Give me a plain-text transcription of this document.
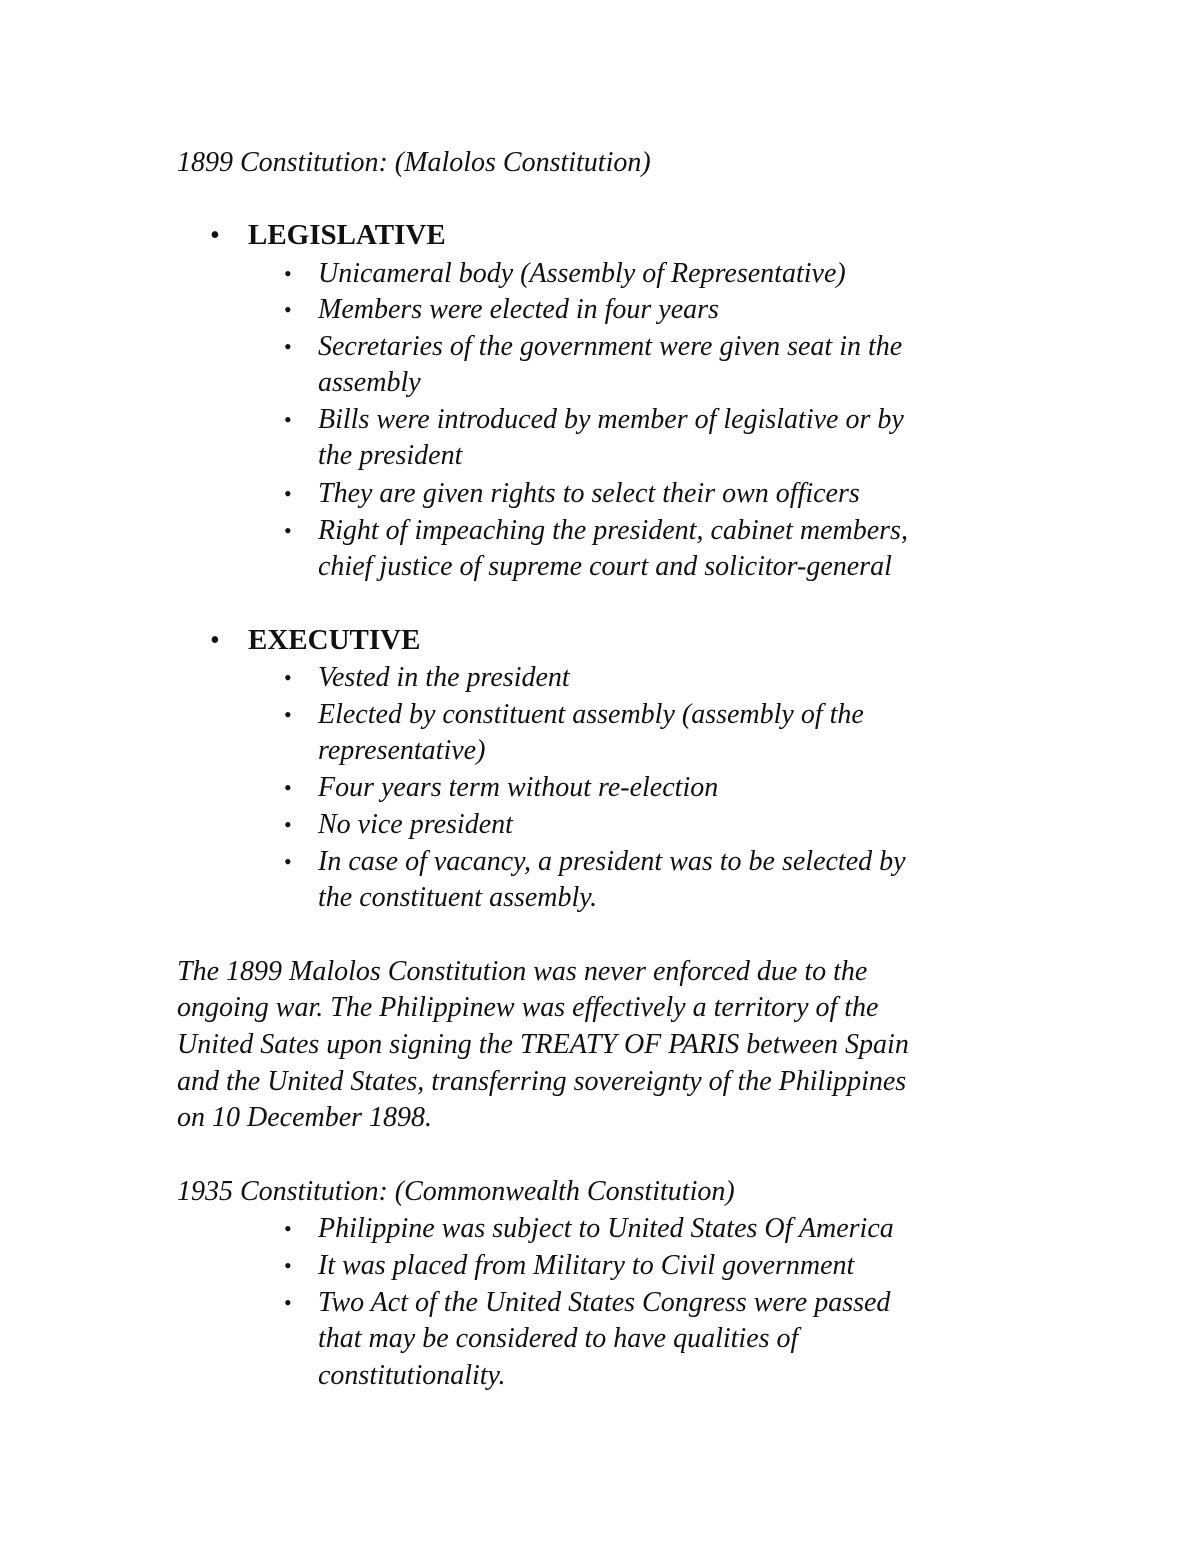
1899 Constitution: (Malolos Constitution)
• LEGISLATIVE
• Unicameral body (Assembly of Representative)
• Members were elected in four years
• Secretaries of the government were given seat in the
assembly
• Bills were introduced by member of legislative or by
the president
• They are given rights to select their own officers
• Right of impeaching the president, cabinet members,
chief justice of supreme court and solicitor-general
• EXECUTIVE
• Vested in the president
• Elected by constituent assembly (assembly of the
representative)
• Four years term without re-election
• No vice president
• In case of vacancy, a president was to be selected by
the constituent assembly.
The 1899 Malolos Constitution was never enforced due to the
ongoing war. The Philippinew was effectively a territory of the
United Sates upon signing the TREATY OF PARIS between Spain
and the United States, transferring sovereignty of the Philippines
on 10 December 1898.
1935 Constitution: (Commonwealth Constitution)
• Philippine was subject to United States Of America
• It was placed from Military to Civil government
• Two Act of the United States Congress were passed
that may be considered to have qualities of
constitutionality.
